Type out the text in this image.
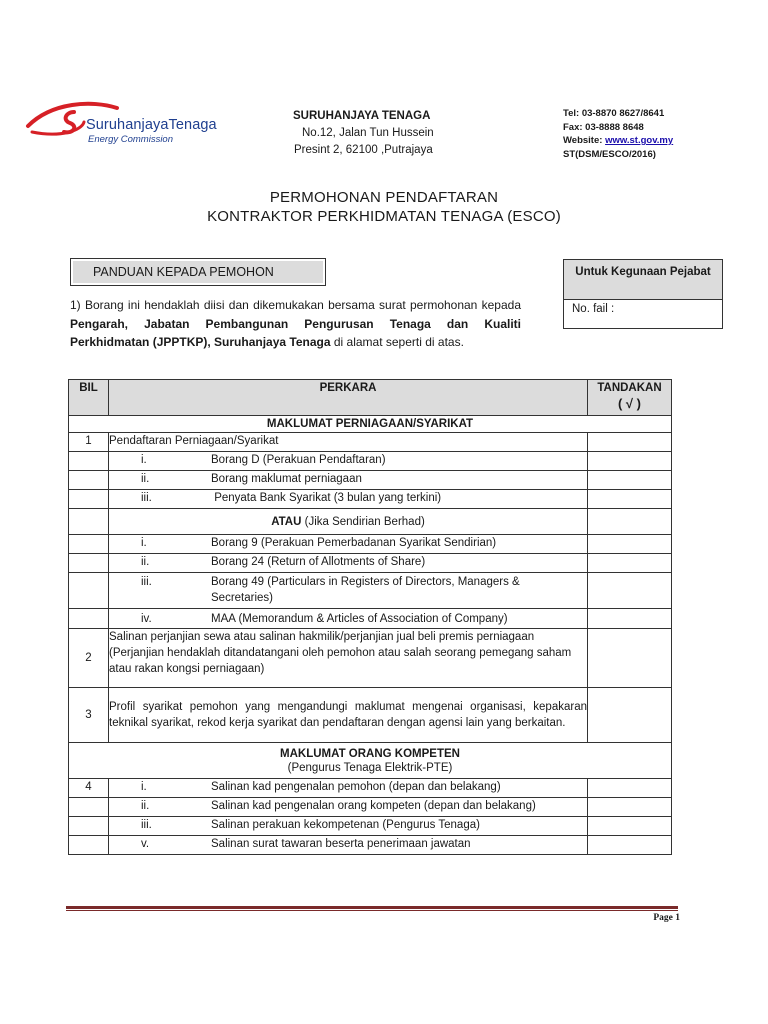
SuruhanjayaTenaga
Energy Commission
SURUHANJAYA TENAGA
No.12, Jalan Tun Hussein
Presint 2, 62100 ,Putrajaya
Tel: 03-8870 8627/8641
Fax: 03-8888 8648
Website: www.st.gov.my
ST(DSM/ESCO/2016)
PERMOHONAN PENDAFTARAN
KONTRAKTOR PERKHIDMATAN TENAGA (ESCO)
PANDUAN KEPADA PEMOHON	Untuk Kegunaan Pejabat
No. fail :
1) Borang ini hendaklah diisi dan dikemukakan bersama surat permohonan kepada Pengarah, Jabatan Pembangunan Pengurusan Tenaga dan Kualiti Perkhidmatan (JPPTKP), Suruhanjaya Tenaga di alamat seperti di atas.
BIL	PERKARA	TANDAKAN
( √ )

MAKLUMAT PERNIAGAAN/SYARIKAT		
1	Pendaftaran Perniagaan/Syarikat	
	i. Borang D (Perakuan Pendaftaran)	
	ii. Borang maklumat perniagaan	
	iii. Penyata Bank Syarikat (3 bulan yang terkini)	
	ATAU (Jika Sendirian Berhad)	
	i. Borang 9 (Perakuan Pemerbadanan Syarikat Sendirian)	
	ii. Borang 24 (Return of Allotments of Share)	

	iii. Borang 49 (Particulars in Registers of Directors, Managers & Secretaries)	

	iv. MAA (Memorandum & Articles of Association of Company)	
2	Salinan perjanjian sewa atau salinan hakmilik/perjanjian jual beli premis perniagaan (Perjanjian hendaklah ditandatangani oleh pemohon atau salah seorang pemegang saham atau rakan kongsi perniagaan)	
3	Profil syarikat pemohon yang mengandungi maklumat mengenai organisasi, kepakaran teknikal syarikat, rekod kerja syarikat dan pendaftaran dengan agensi lain yang berkaitan.	

MAKLUMAT ORANG KOMPETEN
(Pengurus Tenaga Elektrik-PTE)		

4	i. Salinan kad pengenalan pemohon (depan dan belakang)	
	ii. Salinan kad pengenalan orang kompeten (depan dan belakang)	
	iii. Salinan perakuan kekompetenan (Pengurus Tenaga)	
	v. Salinan surat tawaran beserta penerimaan jawatan	
Page 1
